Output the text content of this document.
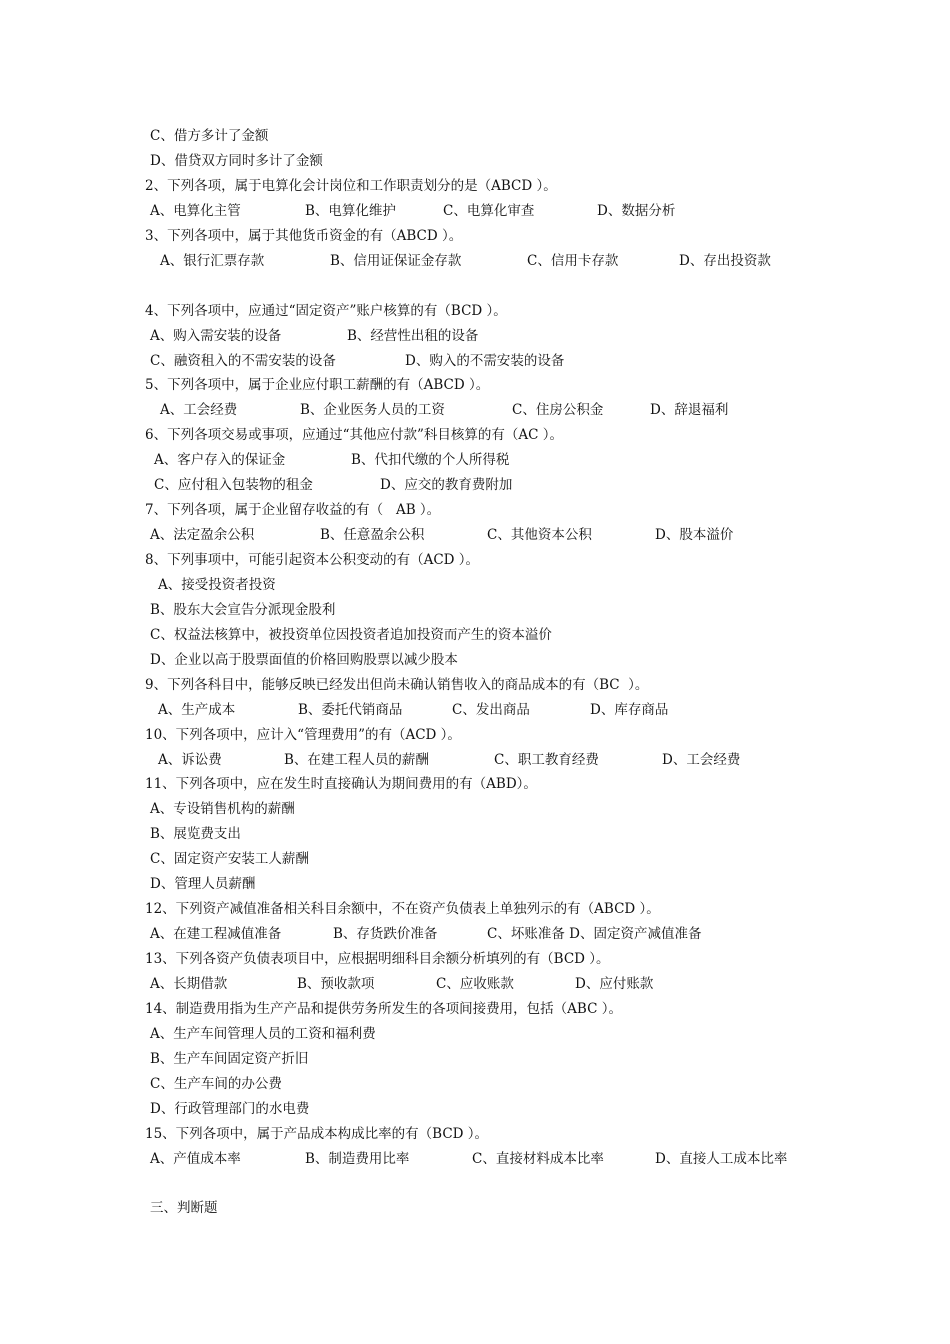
C、借方多计了金额
D、借贷双方同时多计了金额
2、下列各项，属于电算化会计岗位和工作职责划分的是（ABCD ）。
A、电算化主管	B、电算化维护	C、电算化审查	D、数据分析
3、下列各项中，属于其他货币资金的有（ABCD ）。
A、银行汇票存款	B、信用证保证金存款	C、信用卡存款	D、存出投资款
4、下列各项中，应通过“固定资产”账户核算的有（BCD ）。
A、购入需安装的设备	B、经营性出租的设备
C、融资租入的不需安装的设备	D、购入的不需安装的设备
5、下列各项中，属于企业应付职工薪酬的有（ABCD ）。
A、工会经费	B、企业医务人员的工资	C、住房公积金	D、辞退福利
6、下列各项交易或事项，应通过“其他应付款”科目核算的有（AC ）。
A、客户存入的保证金	B、代扣代缴的个人所得税
C、应付租入包装物的租金	D、应交的教育费附加
7、下列各项，属于企业留存收益的有（   AB ）。
A、法定盈余公积	B、任意盈余公积	C、其他资本公积	D、股本溢价
8、下列事项中，可能引起资本公积变动的有（ACD ）。
A、接受投资者投资
B、股东大会宣告分派现金股利
C、权益法核算中，被投资单位因投资者追加投资而产生的资本溢价
D、企业以高于股票面值的价格回购股票以减少股本
9、下列各科目中，能够反映已经发出但尚未确认销售收入的商品成本的有（BC  ）。
A、生产成本	B、委托代销商品	C、发出商品	D、库存商品
10、下列各项中，应计入“管理费用”的有（ACD ）。
A、诉讼费	B、在建工程人员的薪酬	C、职工教育经费	D、工会经费
11、下列各项中，应在发生时直接确认为期间费用的有（ABD）。
A、专设销售机构的薪酬
B、展览费支出
C、固定资产安装工人薪酬
D、管理人员薪酬
12、下列资产减值准备相关科目余额中，不在资产负债表上单独列示的有（ABCD ）。
A、在建工程减值准备	B、存货跌价准备	C、坏账准备 D、固定资产减值准备
13、下列各资产负债表项目中，应根据明细科目余额分析填列的有（BCD ）。
A、长期借款	B、预收款项	C、应收账款	D、应付账款
14、制造费用指为生产产品和提供劳务所发生的各项间接费用，包括（ABC ）。
A、生产车间管理人员的工资和福利费
B、生产车间固定资产折旧
C、生产车间的办公费
D、行政管理部门的水电费
15、下列各项中，属于产品成本构成比率的有（BCD ）。
A、产值成本率	B、制造费用比率	C、直接材料成本比率	D、直接人工成本比率
三、判断题
